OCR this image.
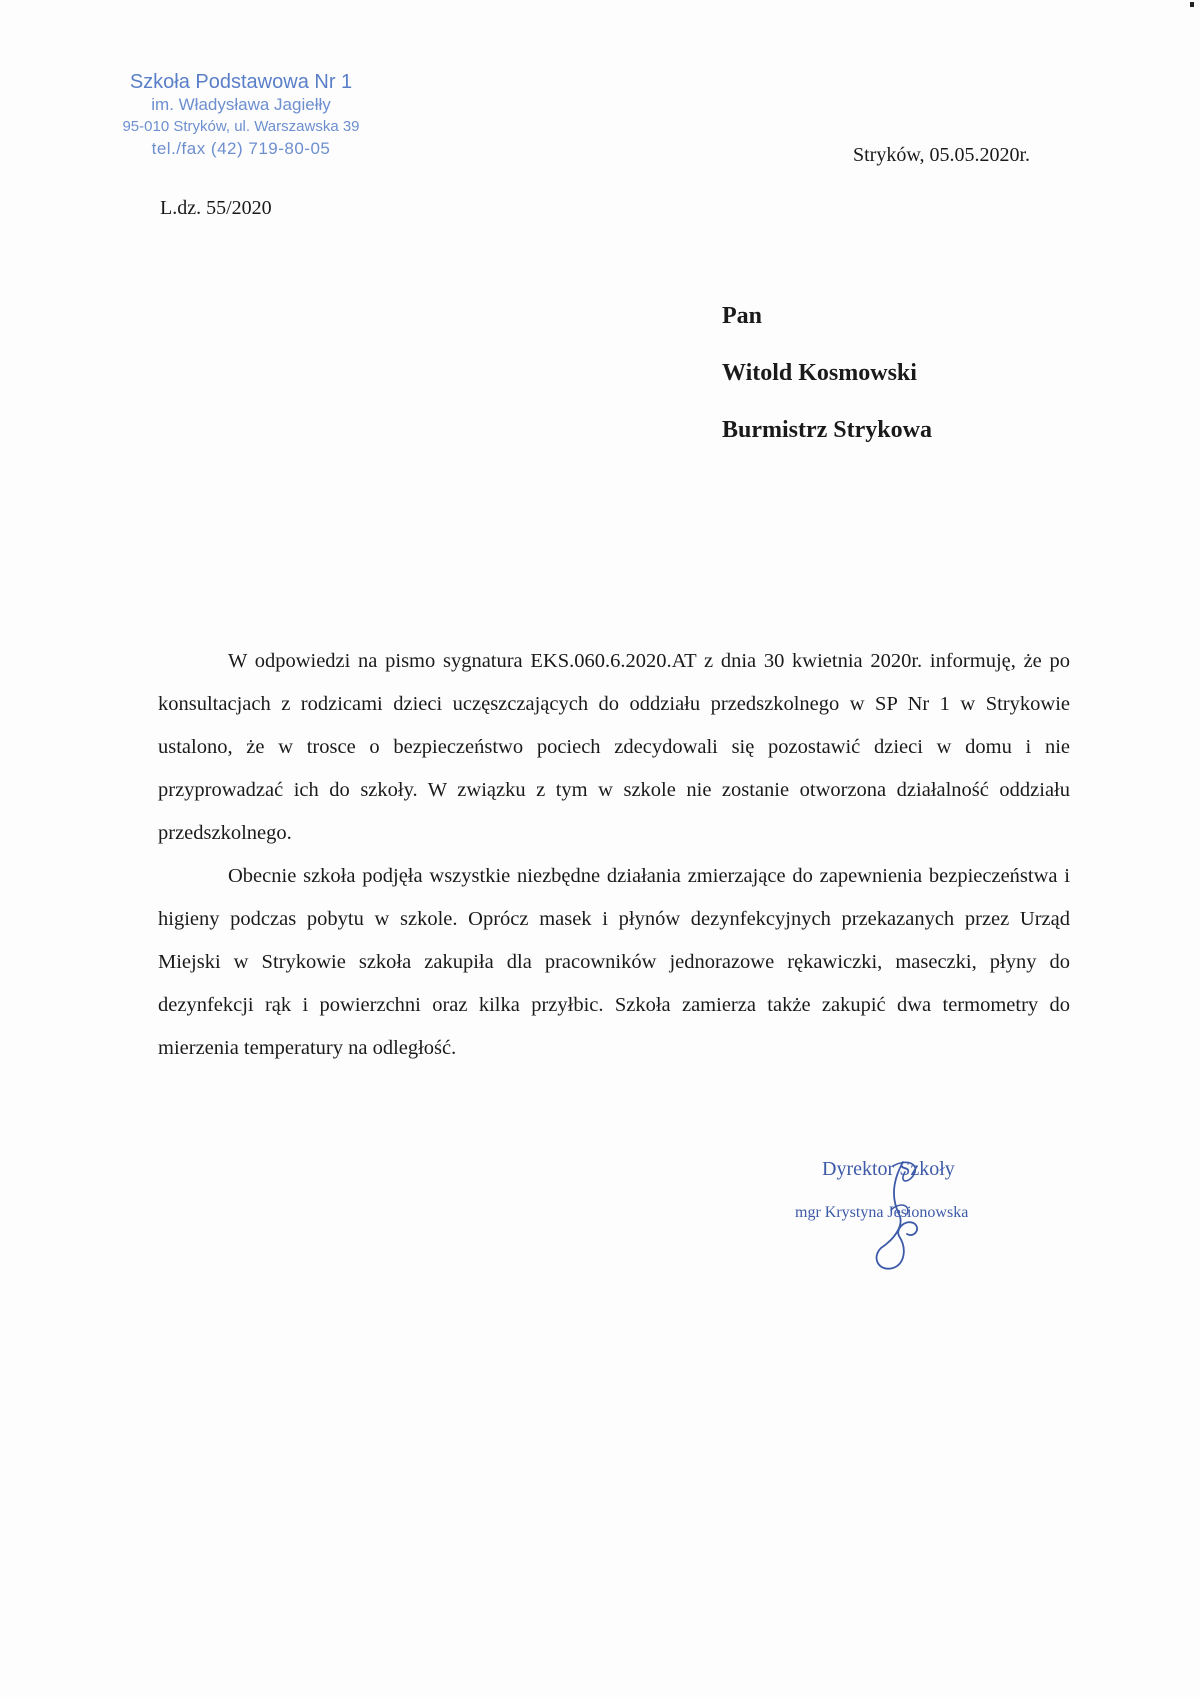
Szkoła Podstawowa Nr 1
im. Władysława Jagiełły
95-010 Stryków, ul. Warszawska 39
tel./fax (42) 719-80-05	Stryków, 05.05.2020r.
L.dz. 55/2020
Pan
Witold Kosmowski
Burmistrz Strykowa

W odpowiedzi na pismo sygnatura EKS.060.6.2020.AT z dnia 30 kwietnia 2020r. informuję, że po konsultacjach z rodzicami dzieci uczęszczających do oddziału przedszkolnego w SP Nr 1 w Strykowie ustalono, że w trosce o bezpieczeństwo pociech zdecydowali się pozostawić dzieci w domu i nie przyprowadzać ich do szkoły. W związku z tym w szkole nie zostanie otworzona działalność oddziału przedszkolnego.

Obecnie szkoła podjęła wszystkie niezbędne działania zmierzające do zapewnienia bezpieczeństwa i higieny podczas pobytu w szkole. Oprócz masek i płynów dezynfekcyjnych przekazanych przez Urząd Miejski w Strykowie szkoła zakupiła dla pracowników jednorazowe rękawiczki, maseczki, płyny do dezynfekcji rąk i powierzchni oraz kilka przyłbic. Szkoła zamierza także zakupić dwa termometry do mierzenia temperatury na odległość.

Dyrektor Szkoły
mgr Krystyna Jesionowska
